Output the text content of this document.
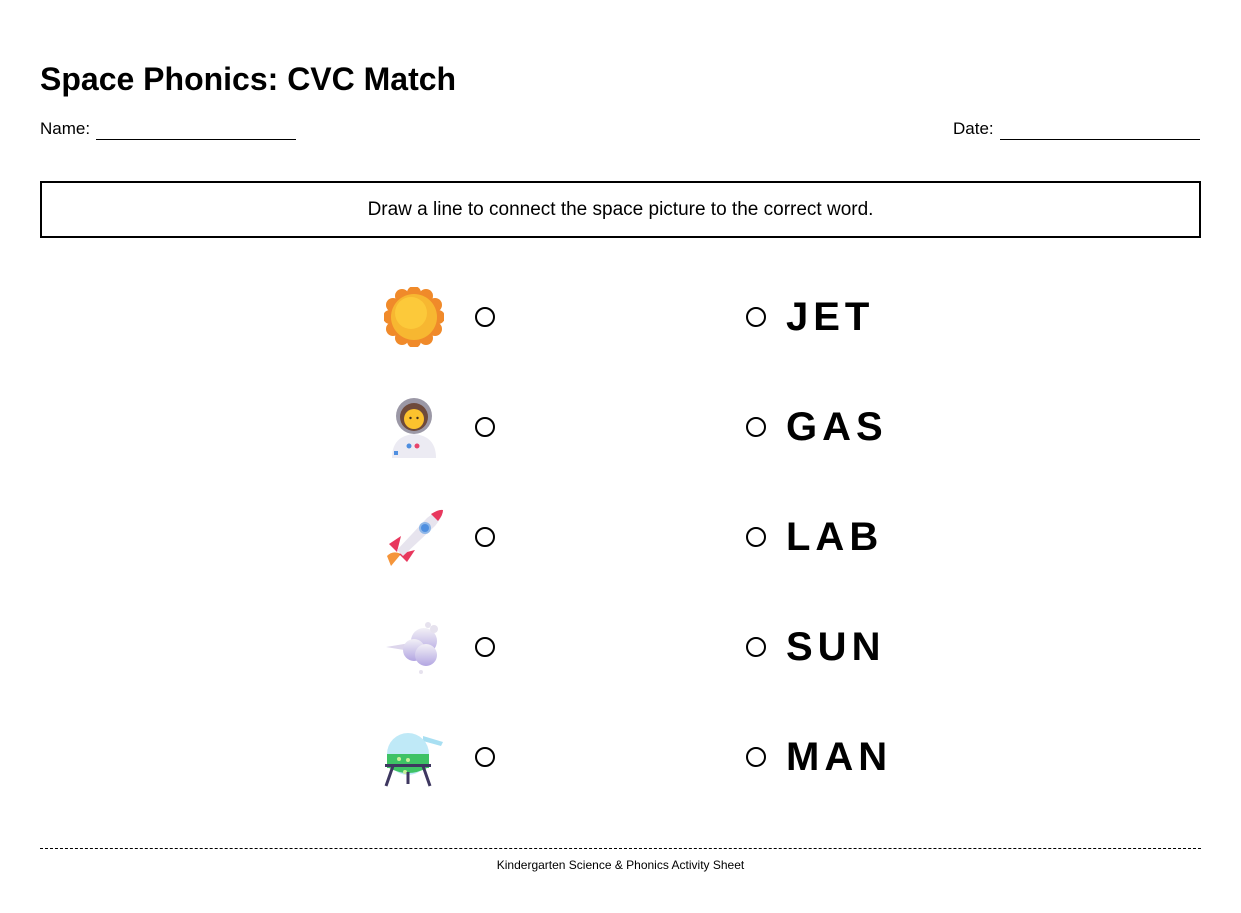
Space Phonics: CVC Match
Name:	Date:
Draw a line to connect the space picture to the correct word.
JET
GAS
LAB
SUN
MAN
Kindergarten Science & Phonics Activity Sheet
